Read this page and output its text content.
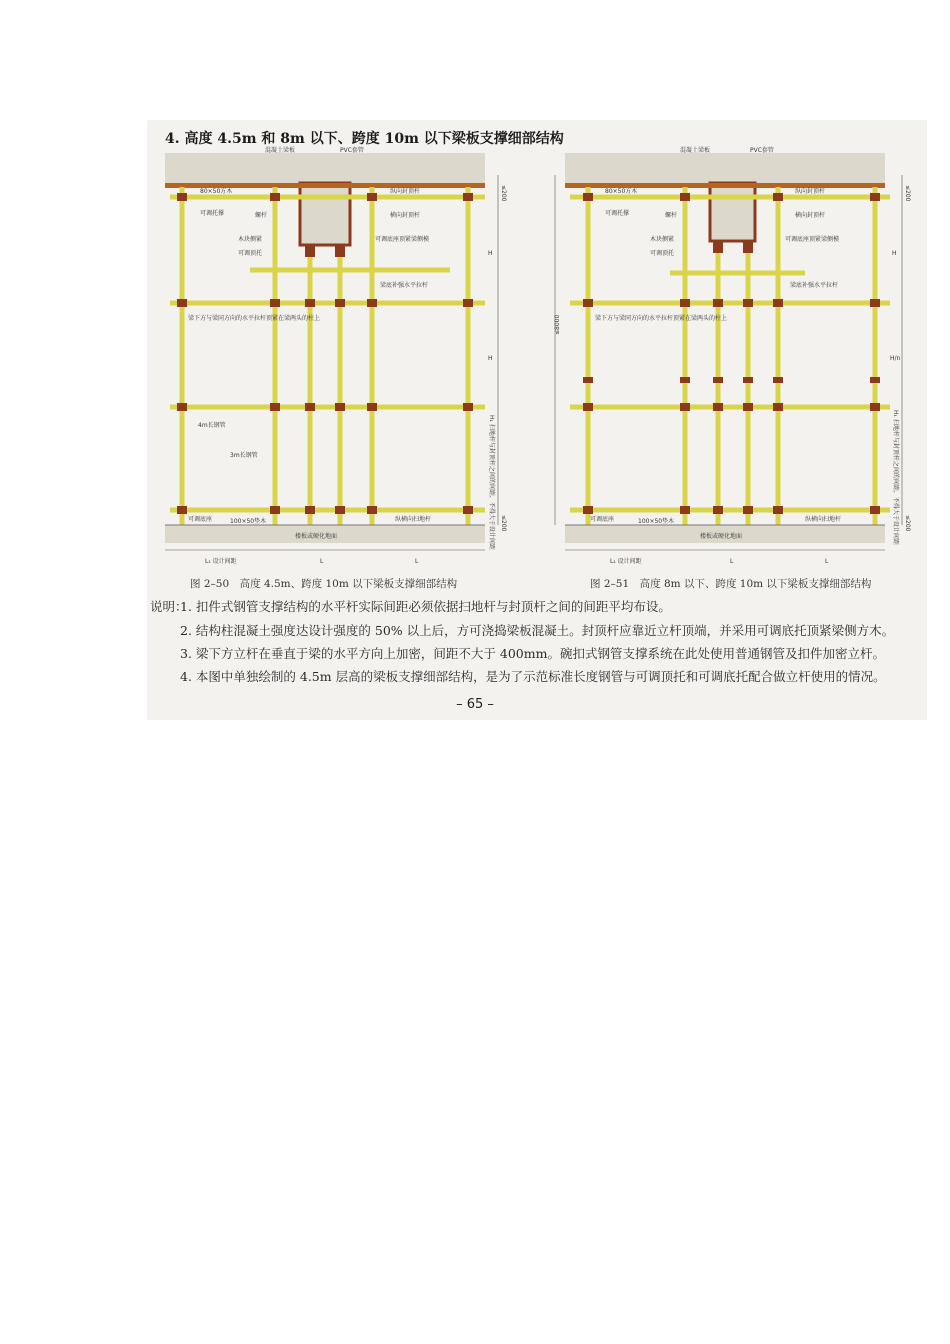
4. 高度 4.5m 和 8m 以下、跨度 10m 以下梁板支撑细部结构
混凝土梁板	PVC套管
80×50方木	纵向封顶杆
可调托撑	螺杆	横向封顶杆
木块侧紧	可调底座顶紧梁侧模
可调顶托
梁底补强水平拉杆
梁下方与梁同方向的水平拉杆顶紧在梁两头的柱上
4m长钢管
3m长钢管
可调底座	100×50垫木	纵横向扫地杆
楼板或硬化地面
L₁ 设计间距	L	L
H
H
≤200
≤200
H₁ 扫地杆与封顶杆之间的间距，不得大于设计间距
混凝土梁板	PVC套管
80×50方木	纵向封顶杆
可调托撑	螺杆	横向封顶杆
木块侧紧	可调底座顶紧梁侧模
可调顶托
梁底补强水平拉杆
梁下方与梁同方向的水平拉杆顶紧在梁两头的柱上
可调底座	100×50垫木	纵横向扫地杆
楼板或硬化地面
L₁ 设计间距	L	L
H
H/n
≤200
≤200
H₁ 扫地杆与封顶杆之间的间距，不得大于设计间距
≤8000
图 2–50　高度 4.5m、跨度 10m 以下梁板支撑细部结构	图 2–51　高度 8m 以下、跨度 10m 以下梁板支撑细部结构
说明：
1. 扣件式钢管支撑结构的水平杆实际间距必须依据扫地杆与封顶杆之间的间距平均布设。
2. 结构柱混凝土强度达设计强度的 50% 以上后，方可浇捣梁板混凝土。封顶杆应靠近立杆顶端，并采用可调底托顶紧梁侧方木。
3. 梁下方立杆在垂直于梁的水平方向上加密，间距不大于 400mm。碗扣式钢管支撑系统在此处使用普通钢管及扣件加密立杆。
4. 本图中单独绘制的 4.5m 层高的梁板支撑细部结构，是为了示范标准长度钢管与可调顶托和可调底托配合做立杆使用的情况。
– 65 –
